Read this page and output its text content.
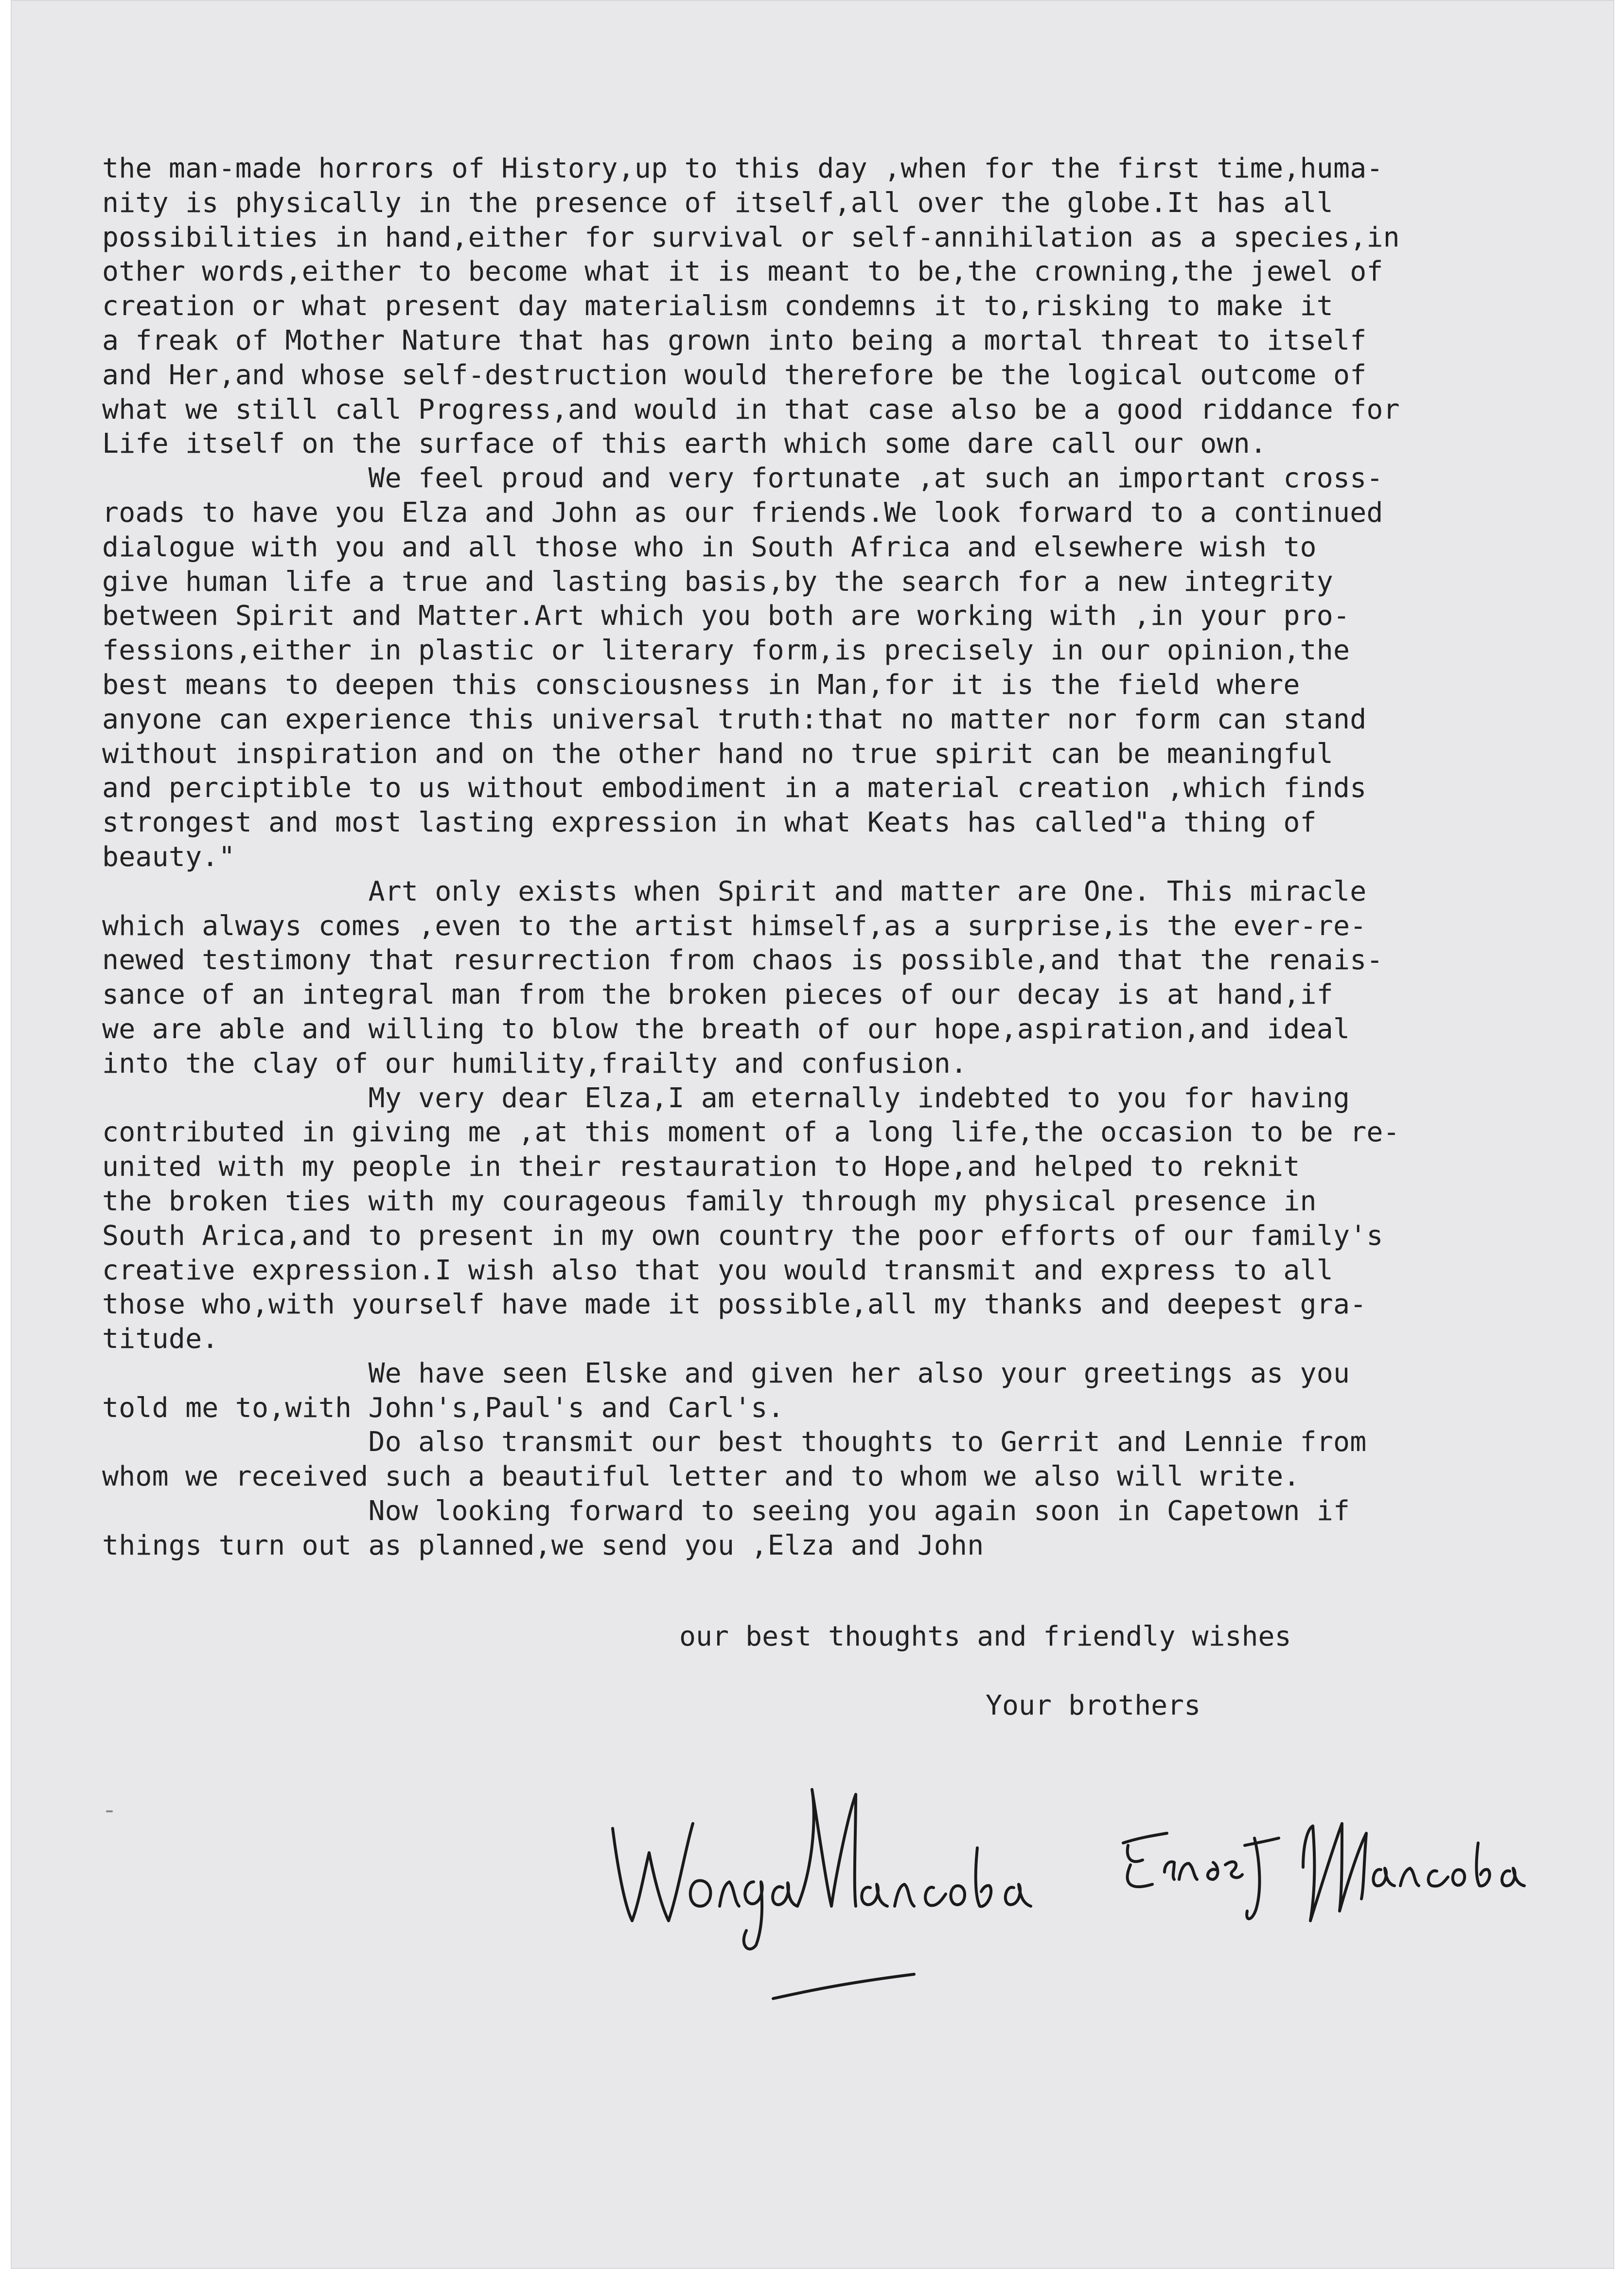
the man-made horrors of History,up to this day ,when for the first time,huma-
nity is physically in the presence of itself,all over the globe.It has all
possibilities in hand,either for survival or self-annihilation as a species,in
other words,either to become what it is meant to be,the crowning,the jewel of
creation or what present day materialism condemns it to,risking to make it
a freak of Mother Nature that has grown into being a mortal threat to itself
and Her,and whose self-destruction would therefore be the logical outcome of
what we still call Progress,and would in that case also be a good riddance for
Life itself on the surface of this earth which some dare call our own.
We feel proud and very fortunate ,at such an important cross-
roads to have you Elza and John as our friends.We look forward to a continued
dialogue with you and all those who in South Africa and elsewhere wish to
give human life a true and lasting basis,by the search for a new integrity
between Spirit and Matter.Art which you both are working with ,in your pro-
fessions,either in plastic or literary form,is precisely in our opinion,the
best means to deepen this consciousness in Man,for it is the field where
anyone can experience this universal truth:that no matter nor form can stand
without inspiration and on the other hand no true spirit can be meaningful
and perciptible to us without embodiment in a material creation ,which finds
strongest and most lasting expression in what Keats has called"a thing of
beauty."
Art only exists when Spirit and matter are One. This miracle
which always comes ,even to the artist himself,as a surprise,is the ever-re-
newed testimony that resurrection from chaos is possible,and that the renais-
sance of an integral man from the broken pieces of our decay is at hand,if
we are able and willing to blow the breath of our hope,aspiration,and ideal
into the clay of our humility,frailty and confusion.
My very dear Elza,I am eternally indebted to you for having
contributed in giving me ,at this moment of a long life,the occasion to be re-
united with my people in their restauration to Hope,and helped to reknit
the broken ties with my courageous family through my physical presence in
South Arica,and to present in my own country the poor efforts of our family's
creative expression.I wish also that you would transmit and express to all
those who,with yourself have made it possible,all my thanks and deepest gra-
titude.
We have seen Elske and given her also your greetings as you
told me to,with John's,Paul's and Carl's.
Do also transmit our best thoughts to Gerrit and Lennie from
whom we received such a beautiful letter and to whom we also will write.
Now looking forward to seeing you again soon in Capetown if
things turn out as planned,we send you ,Elza and John
our best thoughts and friendly wishes
Your brothers
